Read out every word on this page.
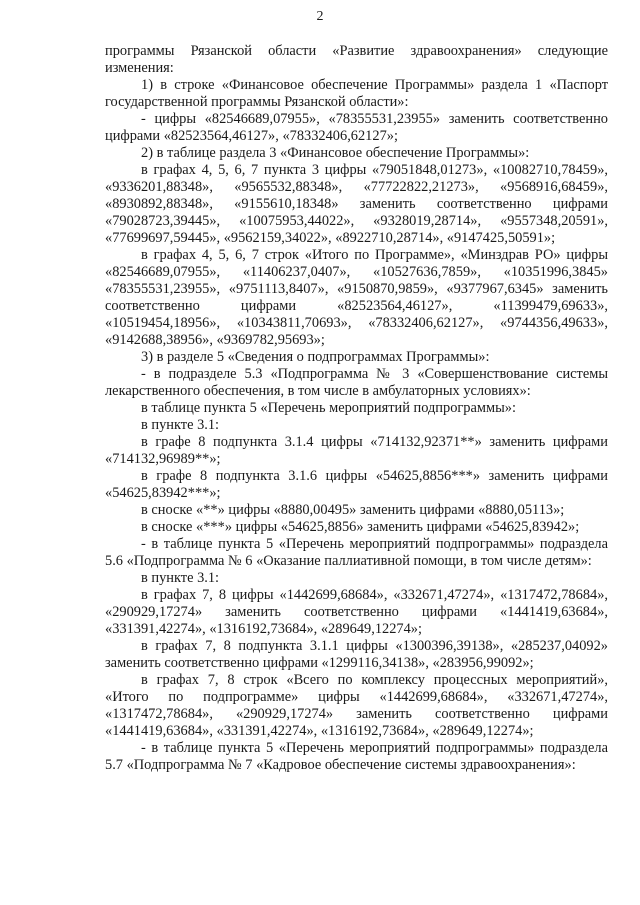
2

программы Рязанской области «Развитие здравоохранения» следующие изменения:

1) в строке «Финансовое обеспечение Программы» раздела 1 «Паспорт государственной программы Рязанской области»:

- цифры «82546689,07955», «78355531,23955» заменить соответственно цифрами «82523564,46127», «78332406,62127»;

2) в таблице раздела 3 «Финансовое обеспечение Программы»:

в графах 4, 5, 6, 7 пункта 3 цифры «79051848,01273», «10082710,78459», «9336201,88348», «9565532,88348», «77722822,21273», «9568916,68459», «8930892,88348», «9155610,18348» заменить соответственно цифрами «79028723,39445», «10075953,44022», «9328019,28714», «9557348,20591», «77699697,59445», «9562159,34022», «8922710,28714», «9147425,50591»;

в графах 4, 5, 6, 7 строк «Итого по Программе», «Минздрав РО» цифры «82546689,07955», «11406237,0407», «10527636,7859», «10351996,3845» «78355531,23955», «9751113,8407», «9150870,9859», «9377967,6345» заменить соответственно цифрами «82523564,46127», «11399479,69633», «10519454,18956», «10343811,70693», «78332406,62127», «9744356,49633», «9142688,38956», «9369782,95693»;

3) в разделе 5 «Сведения о подпрограммах Программы»:

- в подразделе 5.3 «Подпрограмма № 3 «Совершенствование системы лекарственного обеспечения, в том числе в амбулаторных условиях»:

в таблице пункта 5 «Перечень мероприятий подпрограммы»:

в пункте 3.1:

в графе 8 подпункта 3.1.4 цифры «714132,92371**» заменить цифрами «714132,96989**»;

в графе 8 подпункта 3.1.6 цифры «54625,8856***» заменить цифрами «54625,83942***»;

в сноске «**» цифры «8880,00495» заменить цифрами «8880,05113»;

в сноске «***» цифры «54625,8856» заменить цифрами «54625,83942»;

- в таблице пункта 5 «Перечень мероприятий подпрограммы» подраздела 5.6 «Подпрограмма № 6 «Оказание паллиативной помощи, в том числе детям»:

в пункте 3.1:

в графах 7, 8 цифры «1442699,68684», «332671,47274», «1317472,78684», «290929,17274» заменить соответственно цифрами «1441419,63684», «331391,42274», «1316192,73684», «289649,12274»;

в графах 7, 8 подпункта 3.1.1 цифры «1300396,39138», «285237,04092» заменить соответственно цифрами «1299116,34138», «283956,99092»;

в графах 7, 8 строк «Всего по комплексу процессных мероприятий», «Итого по подпрограмме» цифры «1442699,68684», «332671,47274», «1317472,78684», «290929,17274» заменить соответственно цифрами «1441419,63684», «331391,42274», «1316192,73684», «289649,12274»;

- в таблице пункта 5 «Перечень мероприятий подпрограммы» подраздела 5.7 «Подпрограмма № 7 «Кадровое обеспечение системы здравоохранения»:
